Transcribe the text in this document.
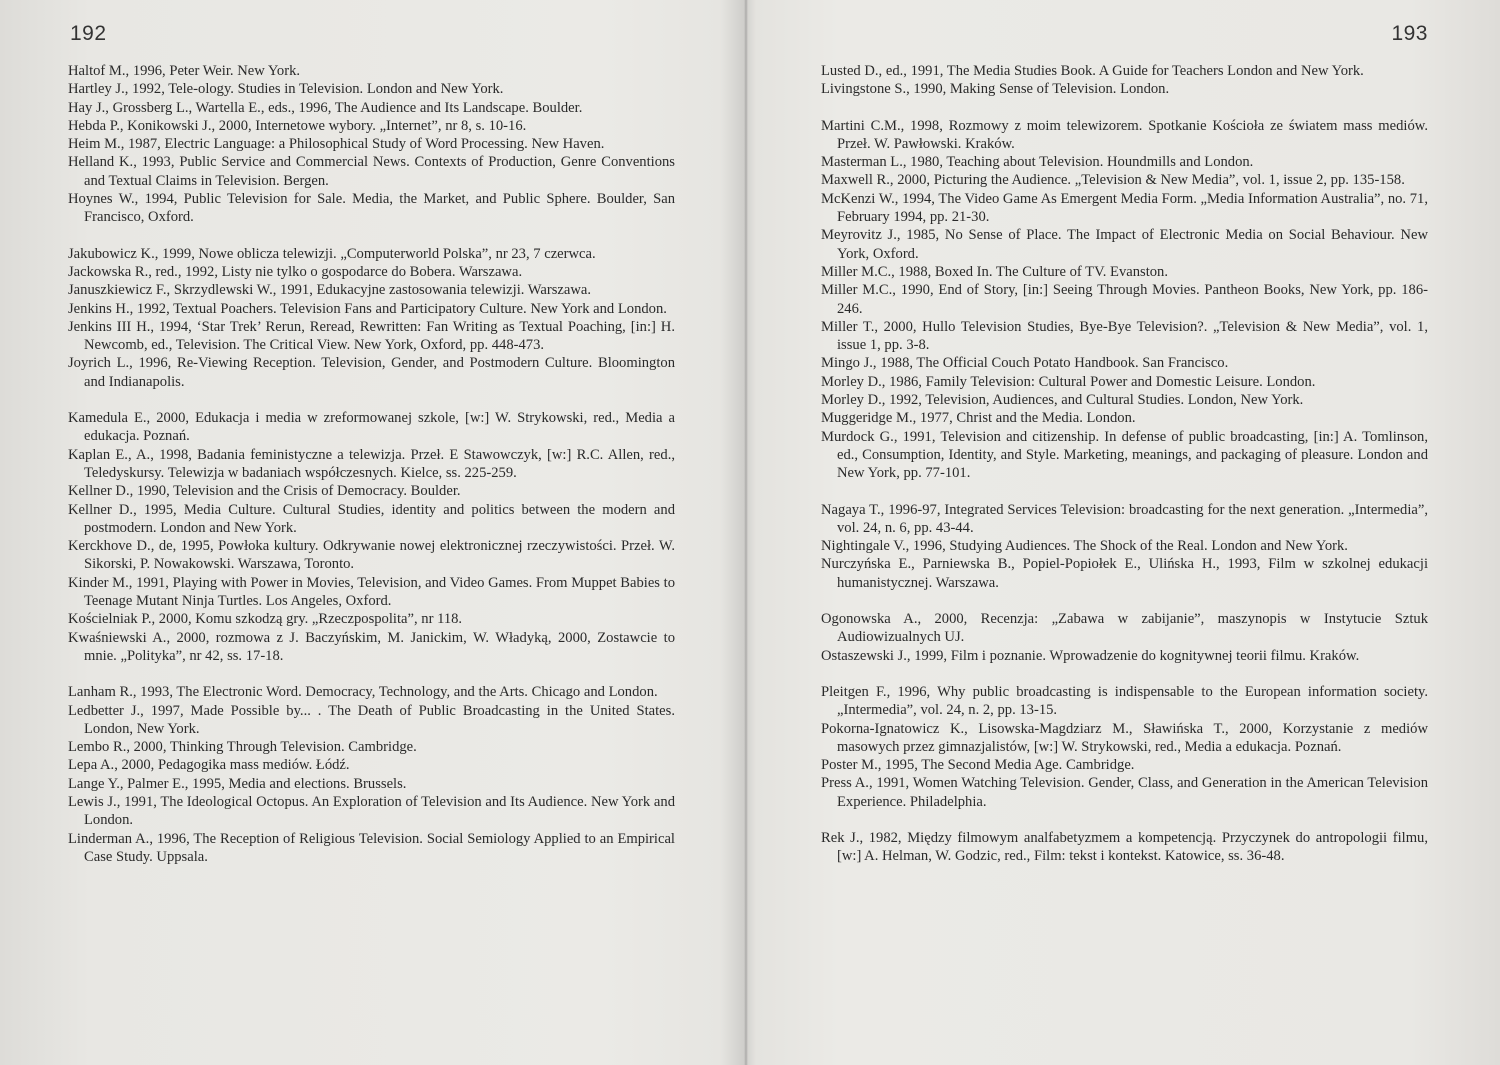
192
Haltof M., 1996, Peter Weir. New York.
Hartley J., 1992, Tele-ology. Studies in Television. London and New York.
Hay J., Grossberg L., Wartella E., eds., 1996, The Audience and Its Landscape. Boulder.
Hebda P., Konikowski J., 2000, Internetowe wybory. „Internet”, nr 8, s. 10-16.
Heim M., 1987, Electric Language: a Philosophical Study of Word Processing. New Haven.
Helland K., 1993, Public Service and Commercial News. Contexts of Production, Genre Conventions and Textual Claims in Television. Bergen.
Hoynes W., 1994, Public Television for Sale. Media, the Market, and Public Sphere. Boulder, San Francisco, Oxford.
Jakubowicz K., 1999, Nowe oblicza telewizji. „Computerworld Polska”, nr 23, 7 czerwca.
Jackowska R., red., 1992, Listy nie tylko o gospodarce do Bobera. Warszawa.
Januszkiewicz F., Skrzydlewski W., 1991, Edukacyjne zastosowania telewizji. Warszawa.
Jenkins H., 1992, Textual Poachers. Television Fans and Participatory Culture. New York and London.
Jenkins III H., 1994, ‘Star Trek’ Rerun, Reread, Rewritten: Fan Writing as Textual Poaching, [in:] H. Newcomb, ed., Television. The Critical View. New York, Oxford, pp. 448-473.
Joyrich L., 1996, Re-Viewing Reception. Television, Gender, and Postmodern Culture. Bloomington and Indianapolis.
Kamedula E., 2000, Edukacja i media w zreformowanej szkole, [w:] W. Strykowski, red., Media a edukacja. Poznań.
Kaplan E., A., 1998, Badania feministyczne a telewizja. Przeł. E Stawowczyk, [w:] R.C. Allen, red., Teledyskursy. Telewizja w badaniach współczesnych. Kielce, ss. 225-259.
Kellner D., 1990, Television and the Crisis of Democracy. Boulder.
Kellner D., 1995, Media Culture. Cultural Studies, identity and politics between the modern and postmodern. London and New York.
Kerckhove D., de, 1995, Powłoka kultury. Odkrywanie nowej elektronicznej rzeczywistości. Przeł. W. Sikorski, P. Nowakowski. Warszawa, Toronto.
Kinder M., 1991, Playing with Power in Movies, Television, and Video Games. From Muppet Babies to Teenage Mutant Ninja Turtles. Los Angeles, Oxford.
Kościelniak P., 2000, Komu szkodzą gry. „Rzeczpospolita”, nr 118.
Kwaśniewski A., 2000, rozmowa z J. Baczyńskim, M. Janickim, W. Władyką, 2000, Zostawcie to mnie. „Polityka”, nr 42, ss. 17-18.
Lanham R., 1993, The Electronic Word. Democracy, Technology, and the Arts. Chicago and London.
Ledbetter J., 1997, Made Possible by... . The Death of Public Broadcasting in the United States. London, New York.
Lembo R., 2000, Thinking Through Television. Cambridge.
Lepa A., 2000, Pedagogika mass mediów. Łódź.
Lange Y., Palmer E., 1995, Media and elections. Brussels.
Lewis J., 1991, The Ideological Octopus. An Exploration of Television and Its Audience. New York and London.
Linderman A., 1996, The Reception of Religious Television. Social Semiology Applied to an Empirical Case Study. Uppsala.
193
Lusted D., ed., 1991, The Media Studies Book. A Guide for Teachers London and New York.
Livingstone S., 1990, Making Sense of Television. London.
Martini C.M., 1998, Rozmowy z moim telewizorem. Spotkanie Kościoła ze światem mass mediów. Przeł. W. Pawłowski. Kraków.
Masterman L., 1980, Teaching about Television. Houndmills and London.
Maxwell R., 2000, Picturing the Audience. „Television & New Media”, vol. 1, issue 2, pp. 135-158.
McKenzi W., 1994, The Video Game As Emergent Media Form. „Media Information Australia”, no. 71, February 1994, pp. 21-30.
Meyrovitz J., 1985, No Sense of Place. The Impact of Electronic Media on Social Behaviour. New York, Oxford.
Miller M.C., 1988, Boxed In. The Culture of TV. Evanston.
Miller M.C., 1990, End of Story, [in:] Seeing Through Movies. Pantheon Books, New York, pp. 186-246.
Miller T., 2000, Hullo Television Studies, Bye-Bye Television?. „Television & New Media”, vol. 1, issue 1, pp. 3-8.
Mingo J., 1988, The Official Couch Potato Handbook. San Francisco.
Morley D., 1986, Family Television: Cultural Power and Domestic Leisure. London.
Morley D., 1992, Television, Audiences, and Cultural Studies. London, New York.
Muggeridge M., 1977, Christ and the Media. London.
Murdock G., 1991, Television and citizenship. In defense of public broadcasting, [in:] A. Tomlinson, ed., Consumption, Identity, and Style. Marketing, meanings, and packaging of pleasure. London and New York, pp. 77-101.
Nagaya T., 1996-97, Integrated Services Television: broadcasting for the next generation. „Intermedia”, vol. 24, n. 6, pp. 43-44.
Nightingale V., 1996, Studying Audiences. The Shock of the Real. London and New York.
Nurczyńska E., Parniewska B., Popiel-Popiołek E., Ulińska H., 1993, Film w szkolnej edukacji humanistycznej. Warszawa.
Ogonowska A., 2000, Recenzja: „Zabawa w zabijanie”, maszynopis w Instytucie Sztuk Audiowizualnych UJ.
Ostaszewski J., 1999, Film i poznanie. Wprowadzenie do kognitywnej teorii filmu. Kraków.
Pleitgen F., 1996, Why public broadcasting is indispensable to the European information society. „Intermedia”, vol. 24, n. 2, pp. 13-15.
Pokorna-Ignatowicz K., Lisowska-Magdziarz M., Sławińska T., 2000, Korzystanie z mediów masowych przez gimnazjalistów, [w:] W. Strykowski, red., Media a edukacja. Poznań.
Poster M., 1995, The Second Media Age. Cambridge.
Press A., 1991, Women Watching Television. Gender, Class, and Generation in the American Television Experience. Philadelphia.
Rek J., 1982, Między filmowym analfabetyzmem a kompetencją. Przyczynek do antropologii filmu, [w:] A. Helman, W. Godzic, red., Film: tekst i kontekst. Katowice, ss. 36-48.
